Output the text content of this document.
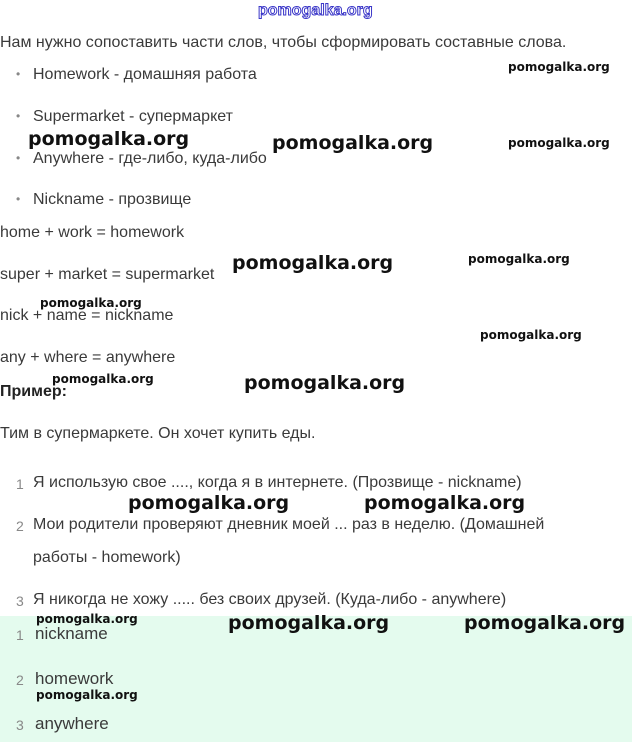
pomogalka.org
Нам нужно сопоставить части слов, чтобы сформировать составные слова.
• Homework - домашняя работа
• Supermarket - супермаркет
• Anywhere - где-либо, куда-либо
• Nickname - прозвище
home + work = homework
super + market = supermarket
nick + name = nickname
any + where = anywhere
Пример:
Тим в супермаркете. Он хочет купить еды.
1 Я использую свое ...., когда я в интернете. (Прозвище - nickname)
2 Мои родители проверяют дневник моей ... раз в неделю. (Домашней
работы - homework)
3 Я никогда не хожу ..... без своих друзей. (Куда-либо - anywhere)
1 nickname
2 homework
3 anywhere
pomogalka.org
pomogalka.org	pomogalka.org	pomogalka.org
pomogalka.org	pomogalka.org
pomogalka.org
pomogalka.org
pomogalka.org	pomogalka.org
pomogalka.org	pomogalka.org
pomogalka.org	pomogalka.org	pomogalka.org
pomogalka.org
